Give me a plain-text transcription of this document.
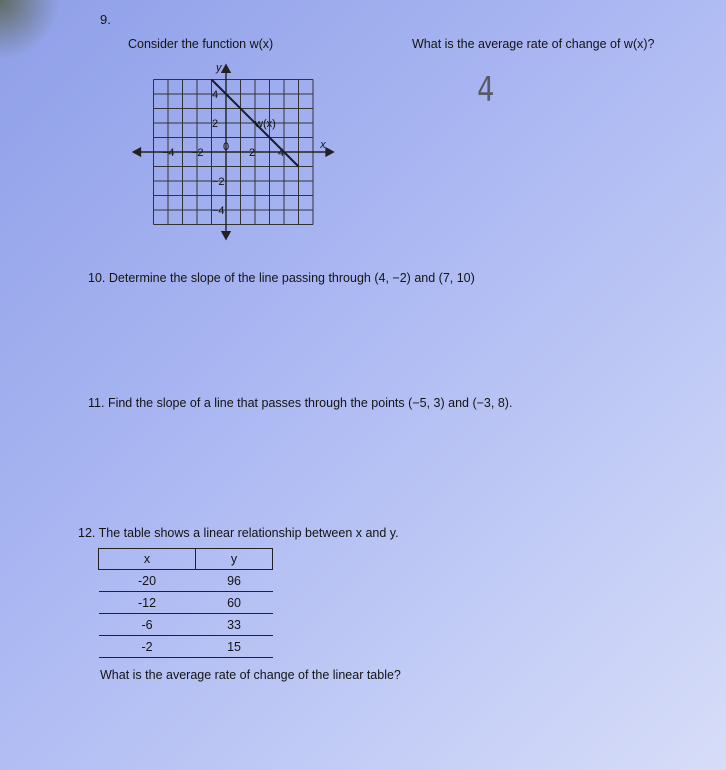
9.
Consider the function w(x)	What is the average rate of change of w(x)?
4
−4 −2 0 2 4
4
2
−2
−4
w(x)
y
x
10. Determine the slope of the line passing through (4, −2) and (7, 10)
11. Find the slope of a line that passes through the points (−5, 3) and (−3, 8).
12. The table shows a linear relationship between x and y.
x	y
-20	96
-12	60
-6	33
-2	15
What is the average rate of change of the linear table?
